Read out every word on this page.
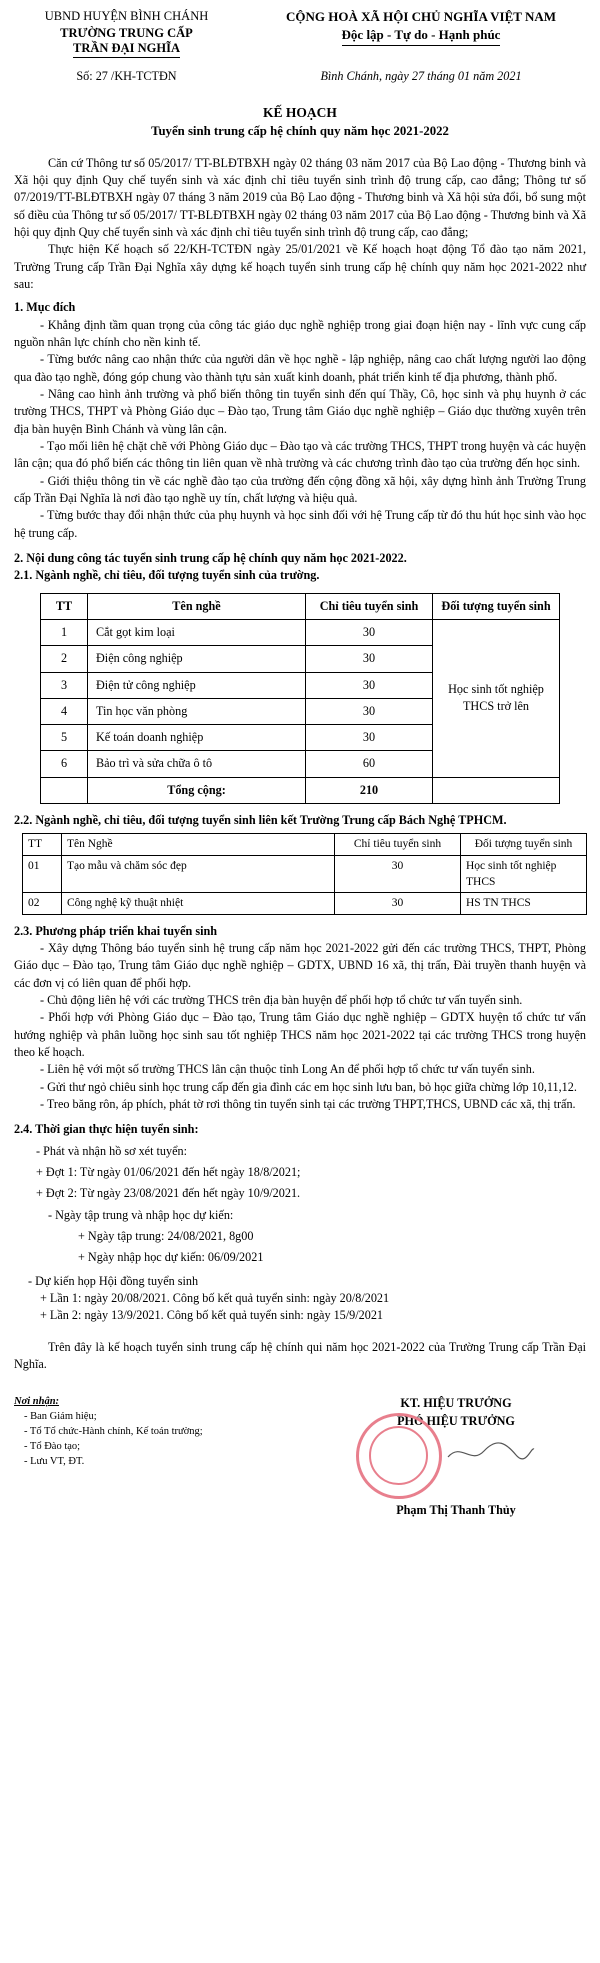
UBND HUYỆN BÌNH CHÁNH
TRƯỜNG TRUNG CẤP
TRẦN ĐẠI NGHĨA
CỘNG HOÀ XÃ HỘI CHỦ NGHĨA VIỆT NAM
Độc lập - Tự do - Hạnh phúc
Số: 27 /KH-TCTĐN	Bình Chánh, ngày 27 tháng 01 năm 2021
KẾ HOẠCH
Tuyển sinh trung cấp hệ chính quy năm học 2021-2022

Căn cứ Thông tư số 05/2017/ TT-BLĐTBXH ngày 02 tháng 03 năm 2017 của Bộ Lao động - Thương binh và Xã hội quy định Quy chế tuyển sinh và xác định chỉ tiêu tuyển sinh trình độ trung cấp, cao đẳng; Thông tư số 07/2019/TT-BLĐTBXH ngày 07 tháng 3 năm 2019 của Bộ Lao động - Thương binh và Xã hội sửa đổi, bổ sung một số điều của Thông tư số 05/2017/ TT-BLĐTBXH ngày 02 tháng 03 năm 2017 của Bộ Lao động - Thương binh và Xã hội quy định Quy chế tuyển sinh và xác định chỉ tiêu tuyển sinh trình độ trung cấp, cao đẳng;

Thực hiện Kế hoạch số 22/KH-TCTĐN ngày 25/01/2021 về Kế hoạch hoạt động Tổ đào tạo năm 2021, Trường Trung cấp Trần Đại Nghĩa xây dựng kế hoạch tuyển sinh trung cấp hệ chính quy năm học 2021-2022 như sau:

1. Mục đích

- Khẳng định tầm quan trọng của công tác giáo dục nghề nghiệp trong giai đoạn hiện nay - lĩnh vực cung cấp nguồn nhân lực chính cho nền kinh tế.

- Từng bước nâng cao nhận thức của người dân về học nghề - lập nghiệp, nâng cao chất lượng người lao động qua đào tạo nghề, đóng góp chung vào thành tựu sản xuất kinh doanh, phát triển kinh tế địa phương, thành phố.

- Nâng cao hình ảnh trường và phổ biến thông tin tuyển sinh đến quí Thầy, Cô, học sinh và phụ huynh ở các trường THCS, THPT và Phòng Giáo dục – Đào tạo, Trung tâm Giáo dục nghề nghiệp – Giáo dục thường xuyên trên địa bàn huyện Bình Chánh và vùng lân cận.

- Tạo mối liên hệ chặt chẽ với Phòng Giáo dục – Đào tạo và các trường THCS, THPT trong huyện và các huyện lân cận; qua đó phổ biến các thông tin liên quan về nhà trường và các chương trình đào tạo của trường đến học sinh.

- Giới thiệu thông tin về các nghề đào tạo của trường đến cộng đồng xã hội, xây dựng hình ảnh Trường Trung cấp Trần Đại Nghĩa là nơi đào tạo nghề uy tín, chất lượng và hiệu quả.

- Từng bước thay đổi nhận thức của phụ huynh và học sinh đối với hệ Trung cấp từ đó thu hút học sinh vào học hệ trung cấp.

2. Nội dung công tác tuyển sinh trung cấp hệ chính quy năm học 2021-2022.
2.1. Ngành nghề, chỉ tiêu, đối tượng tuyển sinh của trường.
TT	Tên nghề	Chỉ tiêu tuyển sinh	Đối tượng tuyển sinh
1	Cắt gọt kim loại	30	Học sinh tốt nghiệp THCS trở lên
2	Điện công nghiệp	30	
3	Điện tử công nghiệp	30	
4	Tin học văn phòng	30	
5	Kế toán doanh nghiệp	30	
6	Bảo trì và sửa chữa ô tô	60	
	Tổng cộng:	210	
2.2. Ngành nghề, chỉ tiêu, đối tượng tuyển sinh liên kết Trường Trung cấp Bách Nghệ TPHCM.
TT	Tên Nghề	Chỉ tiêu tuyển sinh	Đối tượng tuyển sinh
01	Tạo mẫu và chăm sóc đẹp	30	Học sinh tốt nghiệp THCS
02	Công nghệ kỹ thuật nhiệt	30	HS TN THCS
2.3. Phương pháp triển khai tuyển sinh

- Xây dựng Thông báo tuyển sinh hệ trung cấp năm học 2021-2022 gửi đến các trường THCS, THPT, Phòng Giáo dục – Đào tạo, Trung tâm Giáo dục nghề nghiệp – GDTX, UBND 16 xã, thị trấn, Đài truyền thanh huyện và các đơn vị có liên quan để phối hợp.

- Chủ động liên hệ với các trường THCS trên địa bàn huyện để phối hợp tổ chức tư vấn tuyển sinh.

- Phối hợp với Phòng Giáo dục – Đào tạo, Trung tâm Giáo dục nghề nghiệp – GDTX huyện tổ chức tư vấn hướng nghiệp và phân luồng học sinh sau tốt nghiệp THCS năm học 2021-2022 tại các trường THCS trong huyện theo kế hoạch.

- Liên hệ với một số trường THCS lân cận thuộc tỉnh Long An để phối hợp tổ chức tư vấn tuyển sinh.

- Gửi thư ngỏ chiêu sinh học trung cấp đến gia đình các em học sinh lưu ban, bỏ học giữa chừng lớp 10,11,12.

- Treo băng rôn, áp phích, phát tờ rơi thông tin tuyển sinh tại các trường THPT,THCS, UBND các xã, thị trấn.

2.4. Thời gian thực hiện tuyển sinh:
- Phát và nhận hồ sơ xét tuyển:
+ Đợt 1: Từ ngày 01/06/2021 đến hết ngày 18/8/2021;
+ Đợt 2: Từ ngày 23/08/2021 đến hết ngày 10/9/2021.
- Ngày tập trung và nhập học dự kiến:
+ Ngày tập trung: 24/08/2021, 8g00
+ Ngày nhập học dự kiến: 06/09/2021
- Dự kiến họp Hội đồng tuyển sinh
+ Lần 1: ngày 20/08/2021. Công bố kết quả tuyển sinh: ngày 20/8/2021
+ Lần 2: ngày 13/9/2021. Công bố kết quả tuyển sinh: ngày 15/9/2021

Trên đây là kế hoạch tuyển sinh trung cấp hệ chính qui năm học 2021-2022 của Trường Trung cấp Trần Đại Nghĩa.

Nơi nhận:
- Ban Giám hiệu;
- Tổ Tổ chức-Hành chính, Kế toán trường;
- Tổ Đào tạo;
- Lưu VT, ĐT.
KT. HIỆU TRƯỞNG
PHÓ HIỆU TRƯỞNG
Phạm Thị Thanh Thủy
